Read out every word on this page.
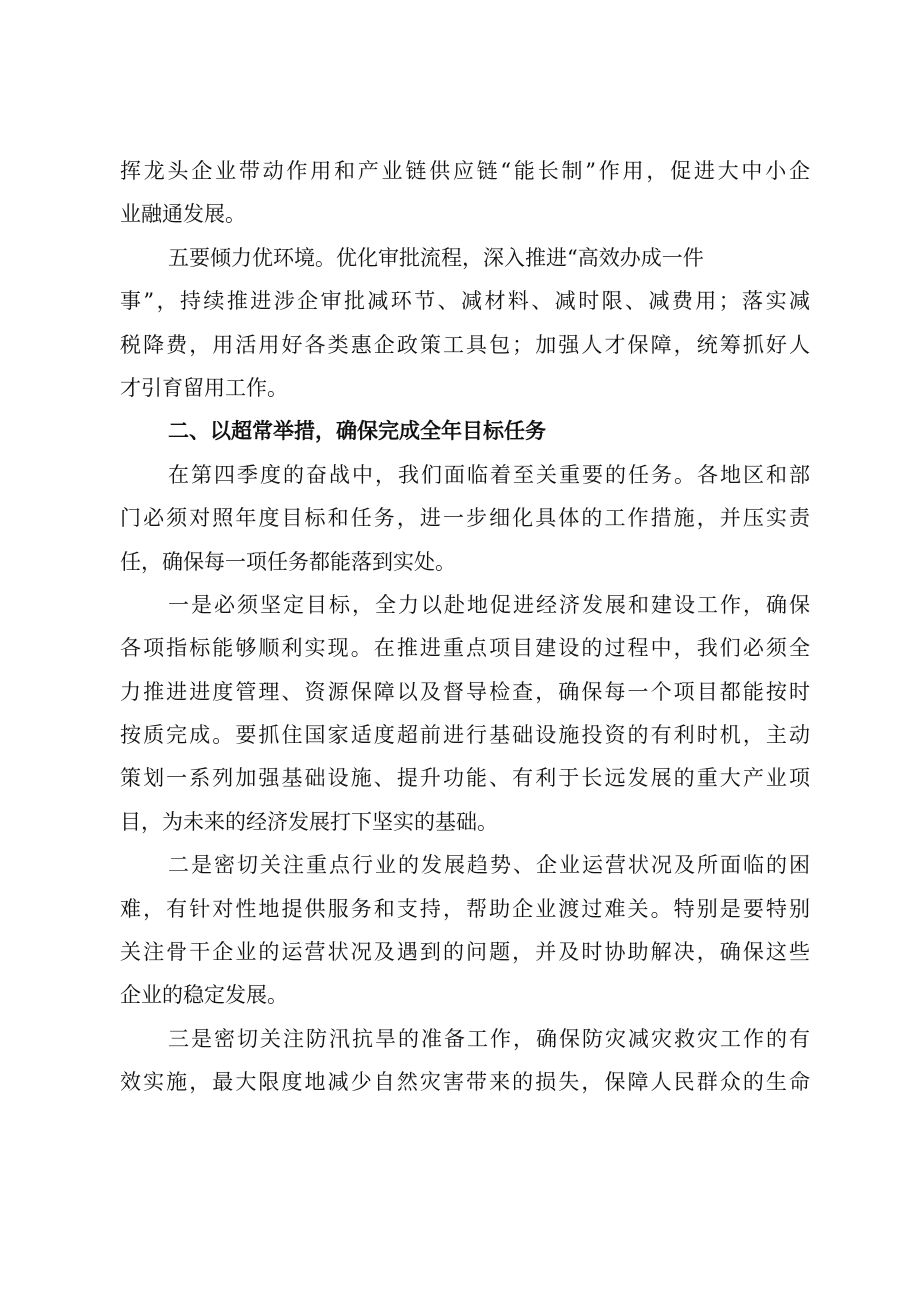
挥龙头企业带动作用和产业链供应链“能长制”作用，促进大中小企
业融通发展。
五要倾力优环境。优化审批流程，深入推进“高效办成一件
事”，持续推进涉企审批减环节、减材料、减时限、减费用；落实减
税降费，用活用好各类惠企政策工具包；加强人才保障，统筹抓好人
才引育留用工作。
二、以超常举措，确保完成全年目标任务
在第四季度的奋战中，我们面临着至关重要的任务。各地区和部
门必须对照年度目标和任务，进一步细化具体的工作措施，并压实责
任，确保每一项任务都能落到实处。
一是必须坚定目标，全力以赴地促进经济发展和建设工作，确保
各项指标能够顺利实现。在推进重点项目建设的过程中，我们必须全
力推进进度管理、资源保障以及督导检查，确保每一个项目都能按时
按质完成。要抓住国家适度超前进行基础设施投资的有利时机，主动
策划一系列加强基础设施、提升功能、有利于长远发展的重大产业项
目，为未来的经济发展打下坚实的基础。
二是密切关注重点行业的发展趋势、企业运营状况及所面临的困
难，有针对性地提供服务和支持，帮助企业渡过难关。特别是要特别
关注骨干企业的运营状况及遇到的问题，并及时协助解决，确保这些
企业的稳定发展。
三是密切关注防汛抗旱的准备工作，确保防灾减灾救灾工作的有
效实施，最大限度地减少自然灾害带来的损失，保障人民群众的生命
